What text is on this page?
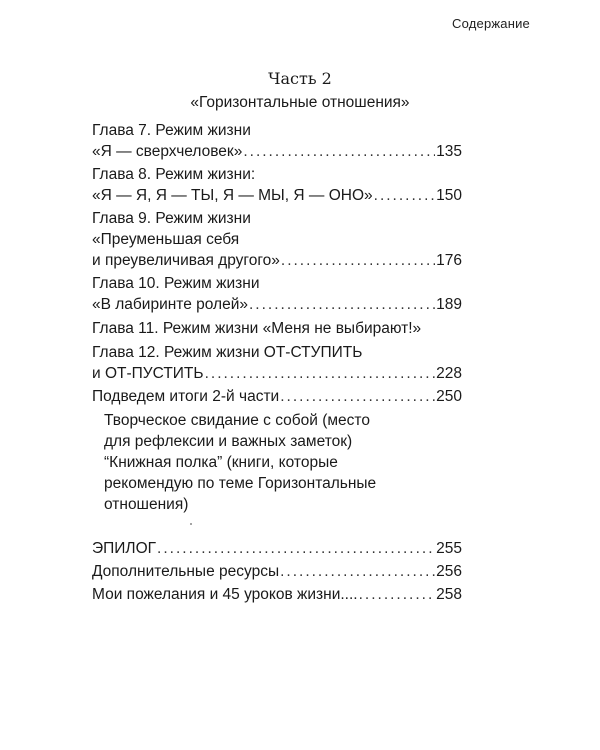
Содержание
Часть 2
«Горизонтальные отношения»
Глава 7. Режим жизни
«Я — сверхчеловек» .....	135
Глава 8. Режим жизни:
«Я — Я, Я — ТЫ, Я — МЫ, Я — ОНО» .....	150
Глава 9. Режим жизни
«Преуменьшая себя
и преувеличивая другого» .....	176
Глава 10. Режим жизни
«В лабиринте ролей» .....	189
Глава 11. Режим жизни «Меня не выбирают!»
Глава 12. Режим жизни ОТ-СТУПИТЬ
и ОТ-ПУСТИТЬ .....	228
Подведем итоги 2-й части .....	250
ЭПИЛОГ .....	255
Дополнительные ресурсы .....	256
Мои пожелания и 45 уроков жизни.... .....	258
Творческое свидание с собой (место
для рефлексии и важных заметок)
“Книжная полка” (книги, которые
рекомендую по теме Горизонтальные
отношения)
